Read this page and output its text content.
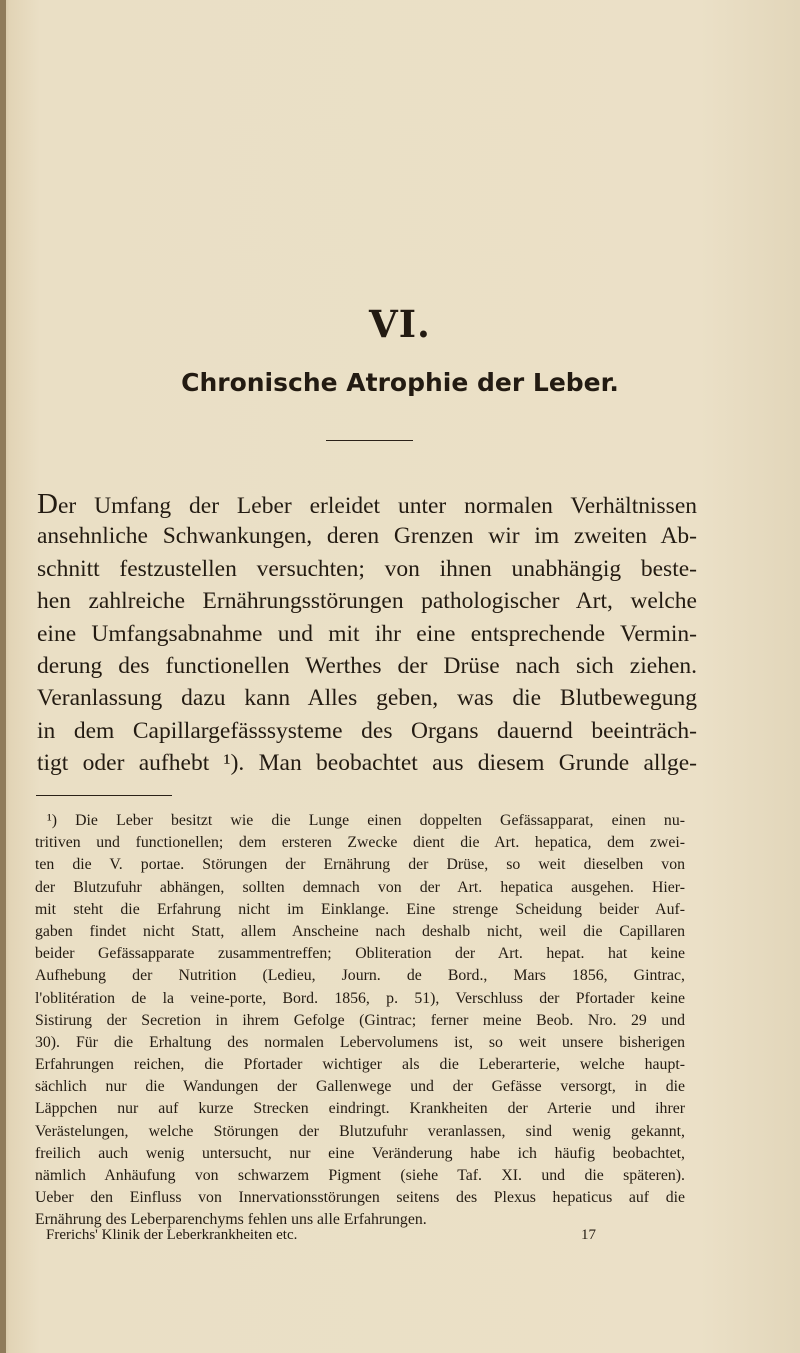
VI.
Chronische Atrophie der Leber.
Der Umfang der Leber erleidet unter normalen Verhältnissen
ansehnliche Schwankungen, deren Grenzen wir im zweiten Ab-
schnitt festzustellen versuchten; von ihnen unabhängig beste-
hen zahlreiche Ernährungsstörungen pathologischer Art, welche
eine Umfangsabnahme und mit ihr eine entsprechende Vermin-
derung des functionellen Werthes der Drüse nach sich ziehen.
Veranlassung dazu kann Alles geben, was die Blutbewegung
in dem Capillargefässsysteme des Organs dauernd beeinträch-
tigt oder aufhebt ¹). Man beobachtet aus diesem Grunde allge-
¹) Die Leber besitzt wie die Lunge einen doppelten Gefässapparat, einen nu-
tritiven und functionellen; dem ersteren Zwecke dient die Art. hepatica, dem zwei-
ten die V. portae. Störungen der Ernährung der Drüse, so weit dieselben von
der Blutzufuhr abhängen, sollten demnach von der Art. hepatica ausgehen. Hier-
mit steht die Erfahrung nicht im Einklange. Eine strenge Scheidung beider Auf-
gaben findet nicht Statt, allem Anscheine nach deshalb nicht, weil die Capillaren
beider Gefässapparate zusammentreffen; Obliteration der Art. hepat. hat keine
Aufhebung der Nutrition (Ledieu, Journ. de Bord., Mars 1856, Gintrac,
l'oblitération de la veine-porte, Bord. 1856, p. 51), Verschluss der Pfortader keine
Sistirung der Secretion in ihrem Gefolge (Gintrac; ferner meine Beob. Nro. 29 und
30). Für die Erhaltung des normalen Lebervolumens ist, so weit unsere bisherigen
Erfahrungen reichen, die Pfortader wichtiger als die Leberarterie, welche haupt-
sächlich nur die Wandungen der Gallenwege und der Gefässe versorgt, in die
Läppchen nur auf kurze Strecken eindringt. Krankheiten der Arterie und ihrer
Verästelungen, welche Störungen der Blutzufuhr veranlassen, sind wenig gekannt,
freilich auch wenig untersucht, nur eine Veränderung habe ich häufig beobachtet,
nämlich Anhäufung von schwarzem Pigment (siehe Taf. XI. und die späteren).
Ueber den Einfluss von Innervationsstörungen seitens des Plexus hepaticus auf die
Ernährung des Leberparenchyms fehlen uns alle Erfahrungen.
Frerichs' Klinik der Leberkrankheiten etc.	17
